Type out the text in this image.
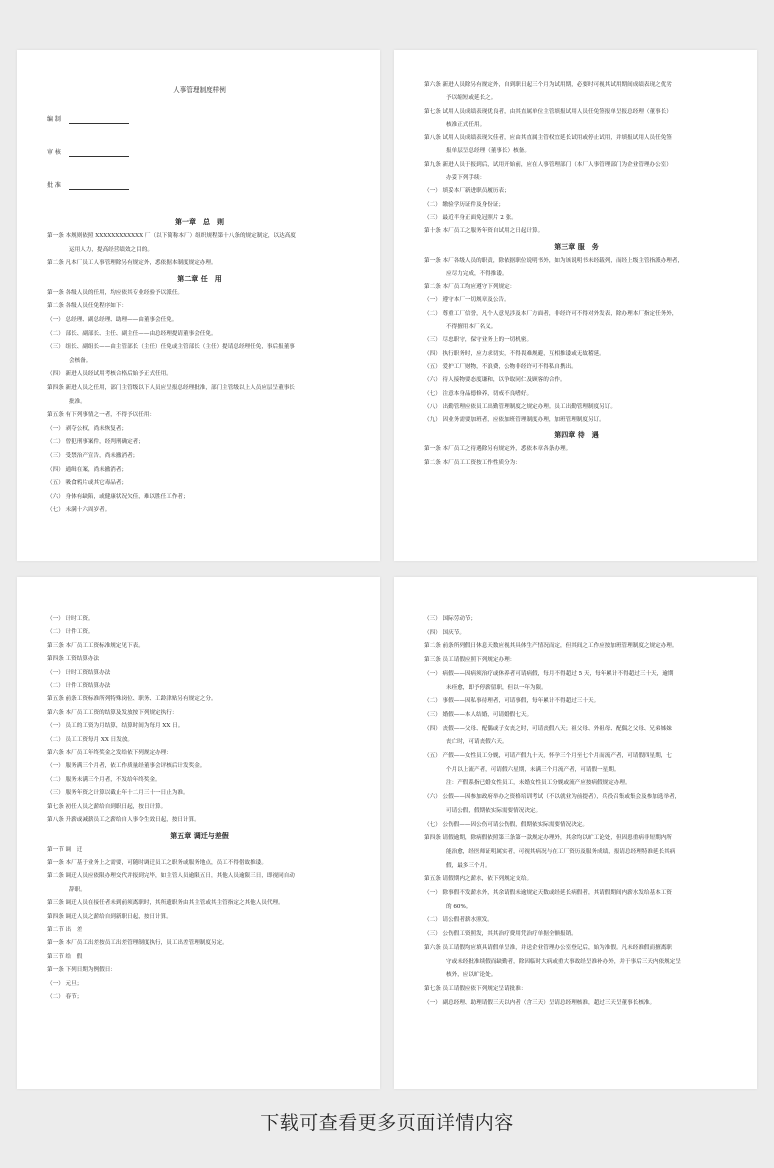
人事管理制度样例
编 制
审 核
批 准
第一章　总　则
第一条 本规则依照 XXXXXXXXXXXX 厂（以下简称本厂）组织规程第十八条的规定制定，以达高度
运用人力，提高经营绩效之目的。
第二条 凡本厂员工人事管理除另有规定外，悉依据本制度规定办理。
第二章 任　用
第一条 各级人员的任用，均应依其专业经验予以派任。
第二条 各级人员任免程序如下：
（一） 总经理、副总经理、助理——由董事会任免。
（二） 部长、副部长、主任、副主任——由总经理提请董事会任免。
（三） 组长、副组长——由主管部长（主任）任免或主管部长（主任）提请总经理任免，事后报董事
会核备。
（四） 新进人员经试用考核合格后始予正式任用。
第四条 新进人员之任用，部门主管级以下人员应呈报总经理批准，部门主管级以上人员应层呈董事长
批准。
第五条 有下列事情之一者，不得予以任用：
（一） 剥夺公权，尚未恢复者；
（二） 曾犯刑事案件，经判刑确定者；
（三） 受禁治产宣告，尚未撤消者；
（四） 通缉在案，尚未撤消者；
（五） 吸食鸦片或其它毒品者；
（六） 身体有缺陷，或健康状况欠佳，难以胜任工作者；
（七） 未满十六周岁者。
第六条 新进人员除另有规定外，自到职日起三个月为试用期，必要时可视其试用期间成绩表现之优劣
予以缩短或延长之。
第七条 试用人员成绩表现优良者，由其直属单位主管填报试用人员任免签报单呈报总经理（董事长）
核准正式任用。
第八条 试用人员成绩表现欠佳者，应由其直属主管权宜延长试用或停止试用，并填报试用人员任免签
报单层呈总经理（董事长）核备。
第九条 新进人员于报到后，试用开始前，应在人事管理部门（本厂人事管理部门为企业管理办公室）
办妥下列手续：
（一） 填妥本厂新进职员履历表；
（二） 缴验学历证件及身份证；
（三） 最近半身正面免冠照片 2 张。
第十条 本厂员工之服务年资自试用之日起计算。
第三章 服　务
第一条 本厂各级人员的职责，除依据职位说明书外，如为该说明书未经载列，而经上级主管指派办理者，
应尽力完成，不得推诿。
第二条 本厂员工均应遵守下列规定：
（一） 遵守本厂一切规章及公告。
（二） 尊重工厂信誉，凡个人意见涉及本厂方面者，非经许可不得对外发表，除办理本厂指定任务外，
不得擅用本厂名义。
（三） 尽忠职守，保守业务上的一切机密。
（四） 执行职务时，应力求切实，不得畏难规避，互相推诿或无故稽延。
（五） 爱护工厂财物，不浪费，公物非经许可不得私自携出。
（六） 待人接物要态度谦和，以争取同仁及顾客的合作。
（七） 注意本身品德修养，切戒不良嗜好。
（八） 出勤管理应依员工出勤管理制度之规定办理。员工出勤管理制度另订。
（九） 因业务需要加班者，应依加班管理制度办理，加班管理制度另订。
第四章 待　遇
第一条 本厂员工之待遇除另有规定外，悉依本章各条办理。
第二条 本厂员工工资按工作性质分为：
（一） 计时工资。
（二） 计件工资。
第三条 本厂员工工资标准规定见下表。
第四条 工资结算办法
（一） 计时工资结算办法
（二） 计件工资结算办法
第五条 前条工资标准所列特殊岗位、职务、工龄津贴另有规定之分。
第六条 本厂员工工资的结算及发放按下列规定执行：
（一） 员工的工资为月结算，结算时间为每月 XX 日。
（二） 员工工资每月 XX 日发放。
第六条 本厂员工年终奖金之发给依下列规定办理：
（一） 服务满三个月者，依工作质量经董事会评核后计发奖金。
（二） 服务未满三个月者，不发给年终奖金。
（三） 服务年资之计算以截止年十二月三十一日止为准。
第七条 初任人员之薪给自到职日起，按日计算。
第八条 升薪或减薪员工之薪给自人事令生效日起，按日计算。
第五章 调迁与差假
第一节 调　迁
第一条 本厂基于业务上之需要，可随时调迁员工之职务或服务地点，员工不得借故推诿。
第二条 调迁人员应依限办理交代并报到完毕，如主管人员逾限五日，其他人员逾限三日，即视同自动
辞职。
第三条 调迁人员在接任者未到前须离职时，其所遗职务由其主管或其主管指定之其他人员代理。
第四条 调迁人员之薪给自到新职日起，按日计算。
第二节 出　差
第一条 本厂员工出差按员工出差管理制度执行，员工出差管理制度另定。
第三节 给　假
第一条 下列日期为例假日：
（一） 元旦；
（二） 春节；
（三） 国际劳动节；
（四） 国庆节。
第二条 前条所列假日休息天数应视其具体生产情况而定，但其间之工作应按加班管理制度之规定办理。
第三条 员工请假应照下列规定办理：
（一） 病假——因病须治疗或休养者可请病假，每月不得超过 5 天，每年累计不得超过三十天，逾期
未痊愈，即予停薪留职，但以一年为限。
（二） 事假——因私事待理者，可请事假，每年累计不得超过三十天。
（三） 婚假——本人结婚，可请婚假七天。
（四） 丧假——父母、配偶或子女丧之时，可请丧假八天；祖父母、外祖母、配偶之父母、兄弟姊妹
丧亡时，可请丧假六天。
（五） 产假——女性员工分娩，可请产假九十天，怀孕三个月至七个月而流产者，可请假四星期，七
个月以上流产者，可请假六星期，未满三个月流产者，可请假一星期。
注：产假系指已婚女性员工，未婚女性员工分娩或流产应按病假规定办理。
（六） 公假——因参加政府举办之资格培训考试（不以就业为前提者），兵役召集或集会及参加选举者，
可请公假，假期依实际需要情况决定。
（七） 公伤假——因公伤可请公伤假，假期依实际需要情况决定。
第四条 请假逾期，除病假依照第三条第一款规定办理外，其余均以旷工论处，但因患重病非短期内所
能治愈，经医师证明属实者，可视其病况与在工厂资历及服务成绩，报请总经理特准延长其病
假，最多三个月。
第五条 请假期内之薪水，依下列规定支给。
（一） 除事假不发薪水外，其余请假未逾规定天数或经延长病假者，其请假期间内薪水发给基本工资
的 60%。
（二） 请公假者薪水照发。
（三） 公伤假工资照发，其其治疗费用凭治疗单据全额报销。
第六条 员工请假均应填具请假单呈准，并送企业管理办公室登记后，始为准假。凡未经准假而擅离职
守或未经批准续假而缺勤者，除因临时大病或重大事故经呈准补办外，并于事后三天内依规定呈
核外，应以旷论处。
第七条 员工请假应依下列规定呈请批准：
（一） 副总经理、助理请假三天以内者（含三天）呈请总经理核准，超过三天呈董事长核准。
下载可查看更多页面详情内容
